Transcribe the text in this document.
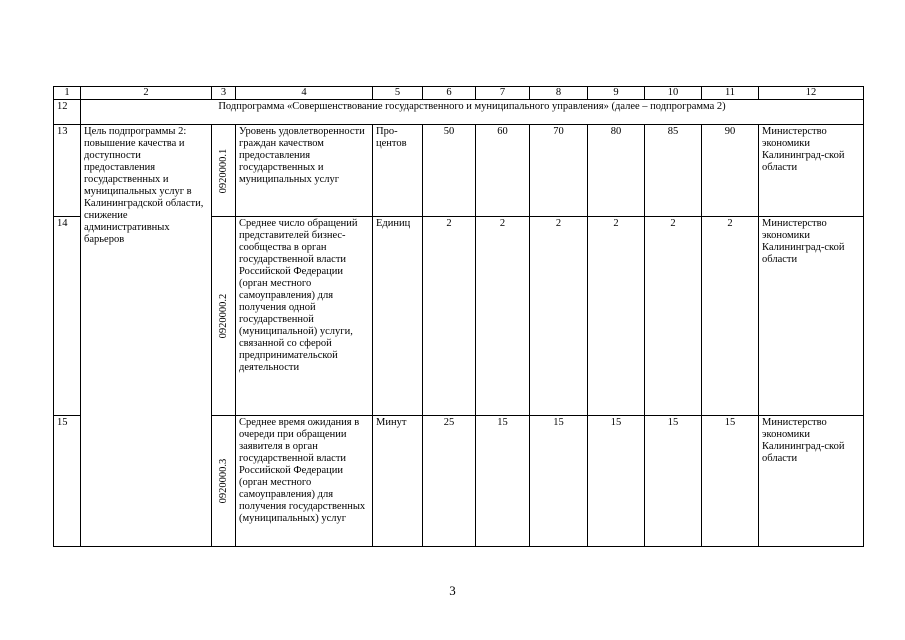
1	2	3	4	5	6	7	8	9	10	11	12
12	Подпрограмма «Совершенствование государственного и муниципального управления» (далее – подпрограмма 2)										
13	Цель подпрограммы 2: повышение качества и доступности предоставления государственных и муниципальных услуг в Калининградской области, снижение административных барьеров	0920000.1	Уровень удовлетворенности граждан качеством предоставления государственных и муниципальных услуг	Про-центов	50	60	70	80	85	90	Министерство экономики Калининград-ской области
14		0920000.2	Среднее число обращений представителей бизнес-сообщества в орган государственной власти Российской Федерации (орган местного самоуправления) для получения одной государственной (муниципальной) услуги, связанной со сферой предпринимательской деятельности	Единиц	2	2	2	2	2	2	Министерство экономики Калининград-ской области
15		0920000.3	Среднее время ожидания в очереди при обращении заявителя в орган государственной власти Российской Федерации (орган местного самоуправления) для получения государственных (муниципальных) услуг	Минут	25	15	15	15	15	15	Министерство экономики Калининград-ской области
3
